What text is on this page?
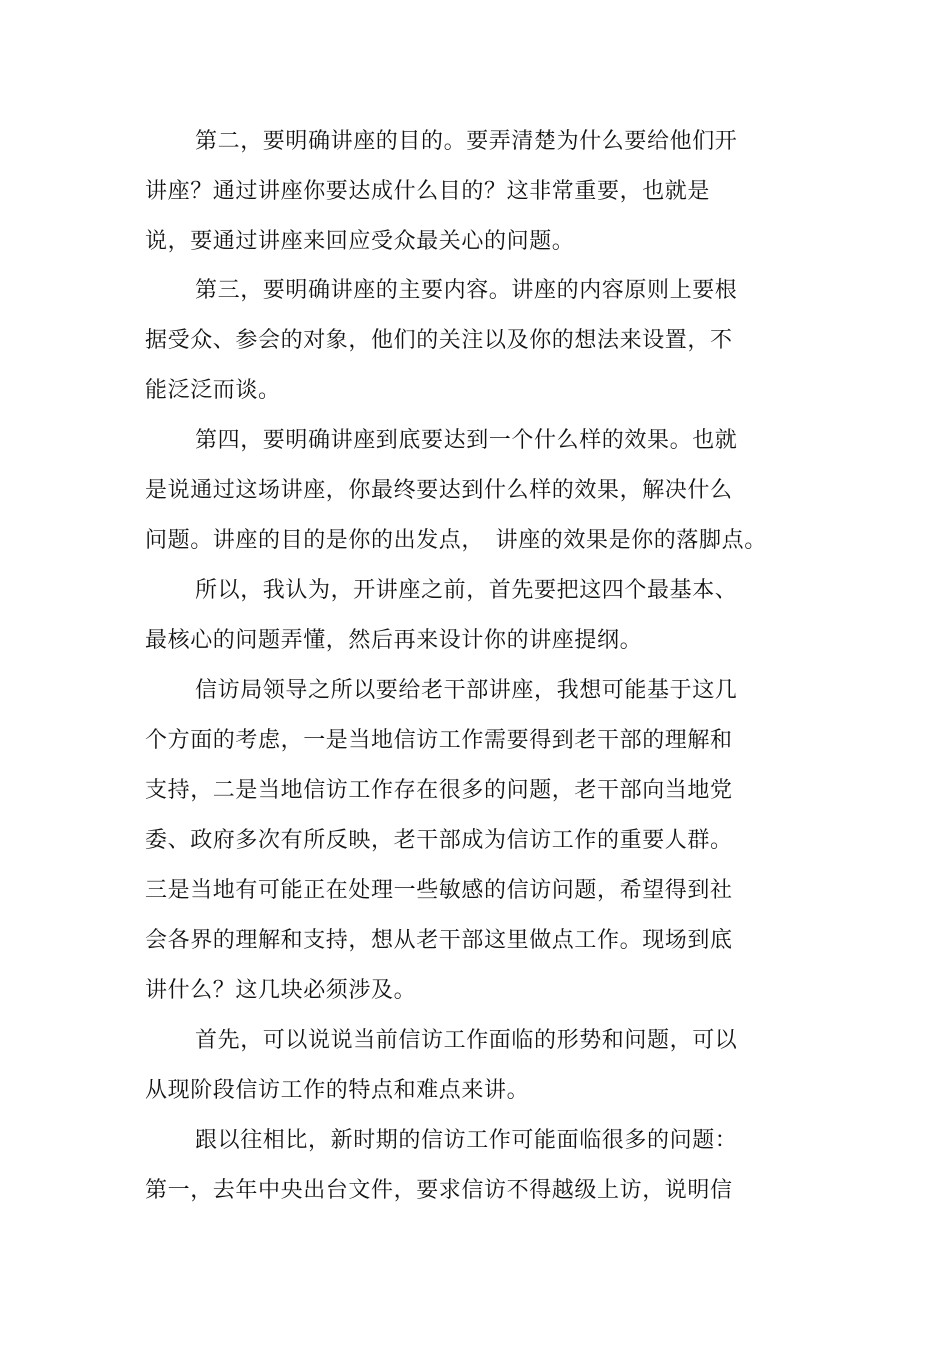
第二，要明确讲座的目的。要弄清楚为什么要给他们开
讲座？通过讲座你要达成什么目的？这非常重要，也就是
说，要通过讲座来回应受众最关心的问题。
第三，要明确讲座的主要内容。讲座的内容原则上要根
据受众、参会的对象，他们的关注以及你的想法来设置，不
能泛泛而谈。
第四，要明确讲座到底要达到一个什么样的效果。也就
是说通过这场讲座，你最终要达到什么样的效果，解决什么
问题。讲座的目的是你的出发点，　讲座的效果是你的落脚点。
所以，我认为，开讲座之前，首先要把这四个最基本、
最核心的问题弄懂，然后再来设计你的讲座提纲。
信访局领导之所以要给老干部讲座，我想可能基于这几
个方面的考虑，一是当地信访工作需要得到老干部的理解和
支持，二是当地信访工作存在很多的问题，老干部向当地党
委、政府多次有所反映，老干部成为信访工作的重要人群。
三是当地有可能正在处理一些敏感的信访问题，希望得到社
会各界的理解和支持，想从老干部这里做点工作。现场到底
讲什么？这几块必须涉及。
首先，可以说说当前信访工作面临的形势和问题，可以
从现阶段信访工作的特点和难点来讲。
跟以往相比，新时期的信访工作可能面临很多的问题：
第一，去年中央出台文件，要求信访不得越级上访，说明信
